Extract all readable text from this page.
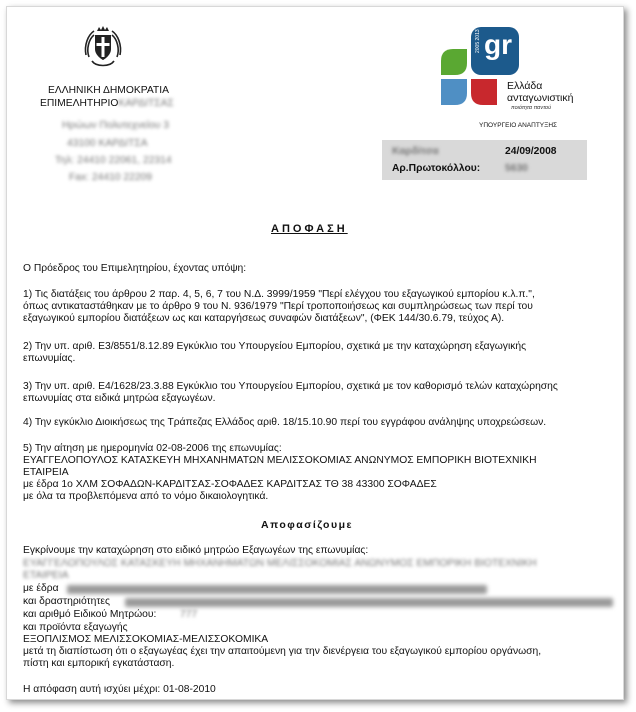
ΕΛΛΗΝΙΚΗ ΔΗΜΟΚΡΑΤΙΑ
ΕΠΙΜΕΛΗΤΗΡΙΟΚΑΡΔΙΤΣΑΣ
Ηρώων Πολυτεχνείου 3
43100 ΚΑΡΔΙΤΣΑ
Τηλ: 24410 22061, 22314
Fax: 24410 22209
gr
2005 2013
Ελλάδα
ανταγωνιστική
ποιότητα παντού
ΥΠΟΥΡΓΕΙΟ ΑΝΑΠΤΥΞΗΣ
Καρδίτσα	24/09/2008
Αρ.Πρωτοκόλλου: 5630
ΑΠΟΦΑΣΗ
Ο Πρόεδρος του Επιμελητηρίου, έχοντας υπόψη:
1) Τις διατάξεις του άρθρου 2 παρ. 4, 5, 6, 7 του Ν.Δ. 3999/1959 "Περί ελέγχου του εξαγωγικού εμπορίου κ.λ.π.",
όπως αντικαταστάθηκαν με το άρθρο 9 του Ν. 936/1979 "Περί τροποποιήσεως και συμπληρώσεως των περί του
εξαγωγικού εμπορίου διατάξεων ως και καταργήσεως συναφών διατάξεων", (ΦΕΚ 144/30.6.79, τεύχος Α).
2) Την υπ. αριθ. Ε3/8551/8.12.89 Εγκύκλιο του Υπουργείου Εμπορίου, σχετικά με την καταχώρηση εξαγωγικής
επωνυμίας.
3) Την υπ. αριθ. Ε4/1628/23.3.88 Εγκύκλιο του Υπουργείου Εμπορίου, σχετικά με τον καθορισμό τελών καταχώρησης
επωνυμίας στα ειδικά μητρώα εξαγωγέων.
4) Την εγκύκλιο Διοικήσεως της Τράπεζας Ελλάδος αριθ. 18/15.10.90 περί του εγγράφου ανάληψης υποχρεώσεων.
5) Την αίτηση με ημερομηνία 02-08-2006 της επωνυμίας:
ΕΥΑΓΓΕΛΟΠΟΥΛΟΣ ΚΑΤΑΣΚΕΥΗ ΜΗΧΑΝΗΜΑΤΩΝ ΜΕΛΙΣΣΟΚΟΜΙΑΣ ΑΝΩΝΥΜΟΣ ΕΜΠΟΡΙΚΗ ΒΙΟΤΕΧΝΙΚΗ
ΕΤΑΙΡΕΙΑ
με έδρα 1ο ΧΛΜ ΣΟΦΑΔΩΝ-ΚΑΡΔΙΤΣΑΣ-ΣΟΦΑΔΕΣ ΚΑΡΔΙΤΣΑΣ ΤΘ 38 43300 ΣΟΦΑΔΕΣ
με όλα τα προβλεπόμενα από το νόμο δικαιολογητικά.
Αποφασίζουμε
Εγκρίνουμε την καταχώρηση στο ειδικό μητρώο Εξαγωγέων της επωνυμίας:
ΕΥΑΓΓΕΛΟΠΟΥΛΟΣ ΚΑΤΑΣΚΕΥΗ ΜΗΧΑΝΗΜΑΤΩΝ ΜΕΛΙΣΣΟΚΟΜΙΑΣ ΑΝΩΝΥΜΟΣ ΕΜΠΟΡΙΚΗ ΒΙΟΤΕΧΝΙΚΗ
ΕΤΑΙΡΕΙΑ
με έδρα
και δραστηριότητες
και αριθμό Ειδικού Μητρώου: 777
και προϊόντα εξαγωγής
ΕΞΟΠΛΙΣΜΟΣ ΜΕΛΙΣΣΟΚΟΜΙΑΣ-ΜΕΛΙΣΣΟΚΟΜΙΚΑ
μετά τη διαπίστωση ότι ο εξαγωγέας έχει την απαιτούμενη για την διενέργεια του εξαγωγικού εμπορίου οργάνωση,
πίστη και εμπορική εγκατάσταση.
Η απόφαση αυτή ισχύει μέχρι: 01-08-2010
